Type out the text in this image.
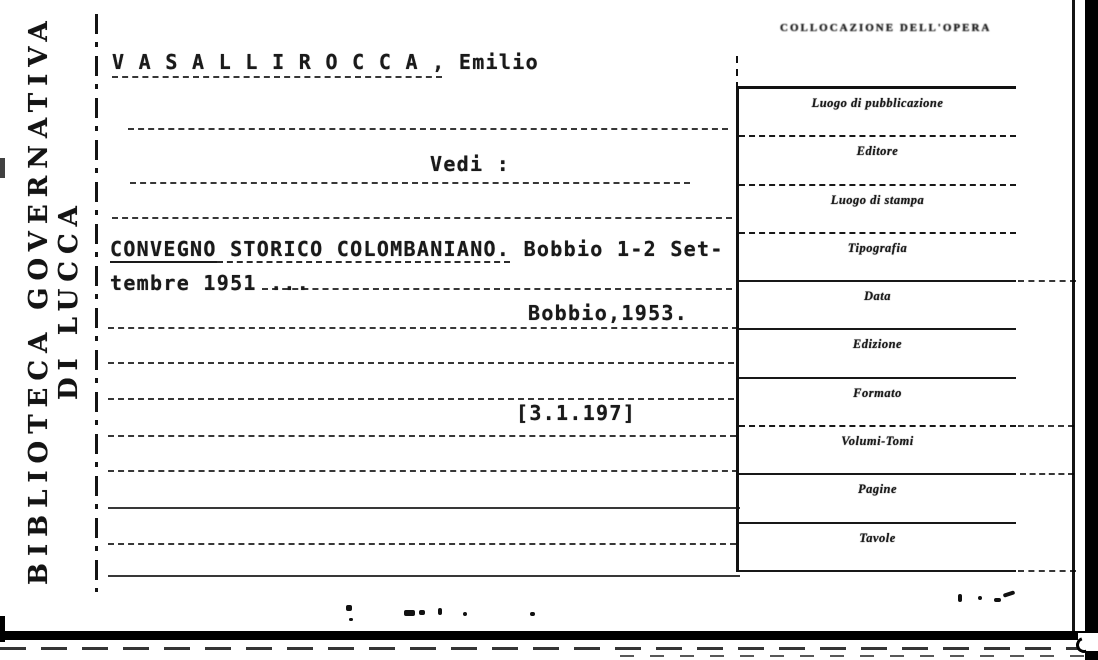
BIBLIOTECA GOVERNATIVA DI LUCCA
COLLOCAZIONE DELL'OPERA
V A S A L L I R O C C A , Emilio
Vedi :
CONVEGNO STORICO COLOMBANIANO. Bobbio 1-2 Set-
tembre 1951 ...
Bobbio,1953.
[3.1.197]
Luogo di pubblicazione
Editore
Luogo di stampa
Tipografia
Data
Edizione
Formato
Volumi-Tomi
Pagine
Tavole
